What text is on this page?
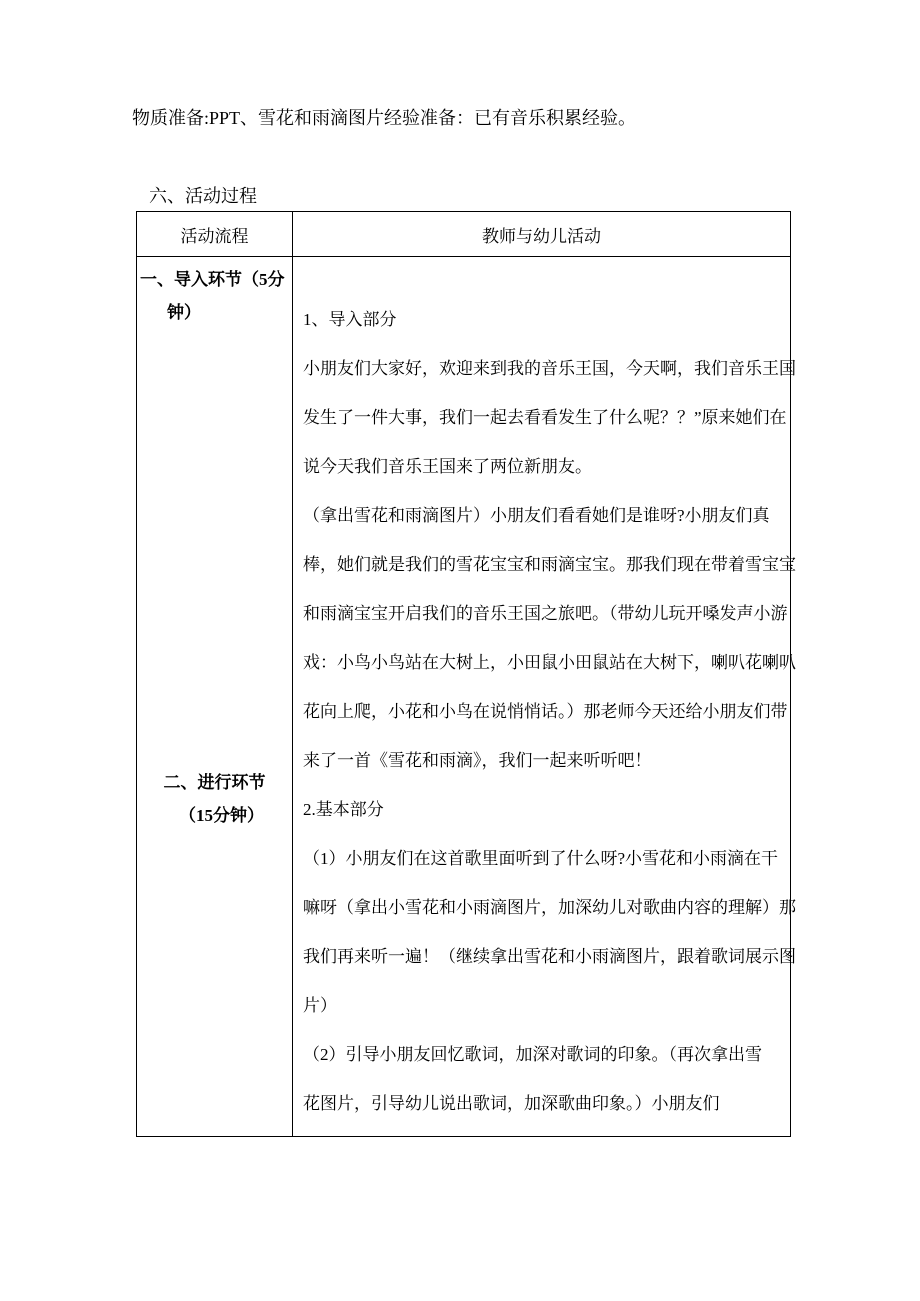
物质准备:PPT、雪花和雨滴图片经验准备：已有音乐积累经验。
六、活动过程
活动流程	教师与幼儿活动
一、导入环节（5分
钟）
二、进行环节
（15分钟）
1、导入部分
小朋友们大家好，欢迎来到我的音乐王国，今天啊，我们音乐王国
发生了一件大事，我们一起去看看发生了什么呢？？”原来她们在
说今天我们音乐王国来了两位新朋友。
（拿出雪花和雨滴图片）小朋友们看看她们是谁呀?小朋友们真
棒，她们就是我们的雪花宝宝和雨滴宝宝。那我们现在带着雪宝宝
和雨滴宝宝开启我们的音乐王国之旅吧。（带幼儿玩开嗓发声小游
戏：小鸟小鸟站在大树上，小田鼠小田鼠站在大树下，喇叭花喇叭
花向上爬，小花和小鸟在说悄悄话。）那老师今天还给小朋友们带
来了一首《雪花和雨滴》，我们一起来听听吧！
2.基本部分
（1）小朋友们在这首歌里面听到了什么呀?小雪花和小雨滴在干
嘛呀（拿出小雪花和小雨滴图片，加深幼儿对歌曲内容的理解）那
我们再来听一遍！（继续拿出雪花和小雨滴图片，跟着歌词展示图
片）
（2）引导小朋友回忆歌词，加深对歌词的印象。（再次拿出雪
花图片，引导幼儿说出歌词，加深歌曲印象。）小朋友们
